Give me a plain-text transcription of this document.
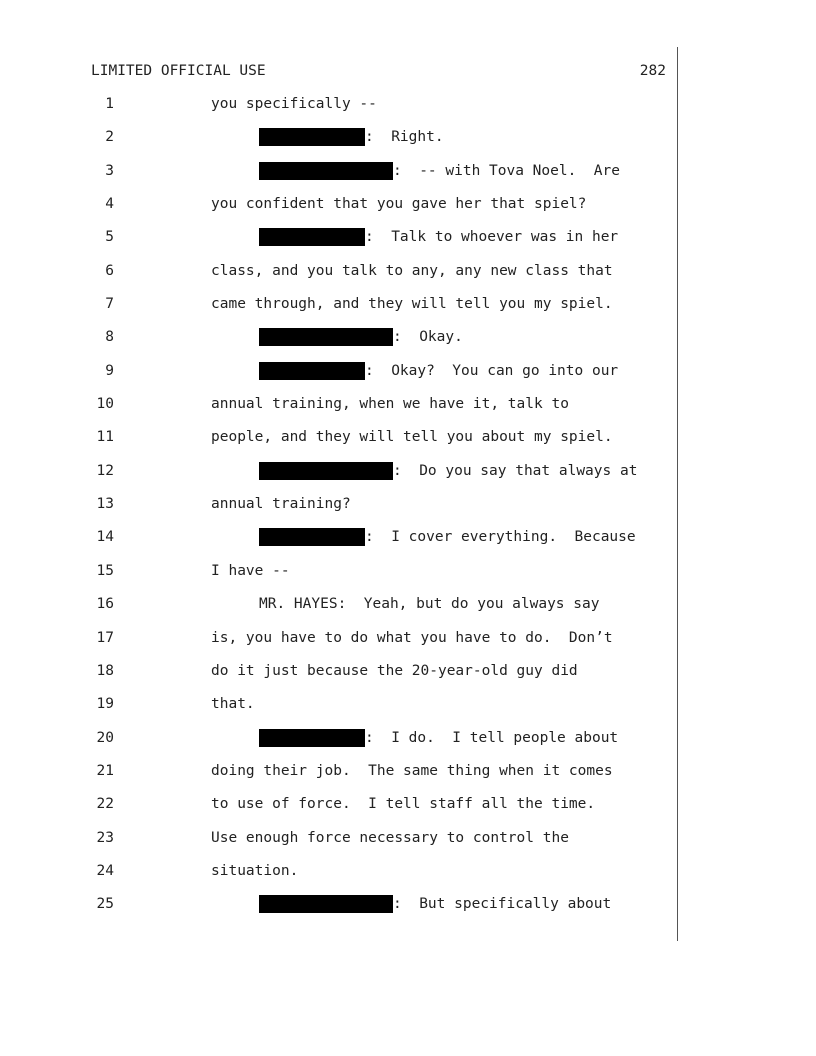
LIMITED OFFICIAL USE	282
1	you specifically --
2	:  Right.
3	:  -- with Tova Noel.  Are
4	you confident that you gave her that spiel?
5	:  Talk to whoever was in her
6	class, and you talk to any, any new class that
7	came through, and they will tell you my spiel.
8	:  Okay.
9	:  Okay?  You can go into our
10	annual training, when we have it, talk to
11	people, and they will tell you about my spiel.
12	:  Do you say that always at
13	annual training?
14	:  I cover everything.  Because
15	I have --
16	MR. HAYES:  Yeah, but do you always say
17	is, you have to do what you have to do.  Don’t
18	do it just because the 20-year-old guy did
19	that.
20	:  I do.  I tell people about
21	doing their job.  The same thing when it comes
22	to use of force.  I tell staff all the time.
23	Use enough force necessary to control the
24	situation.
25	:  But specifically about
